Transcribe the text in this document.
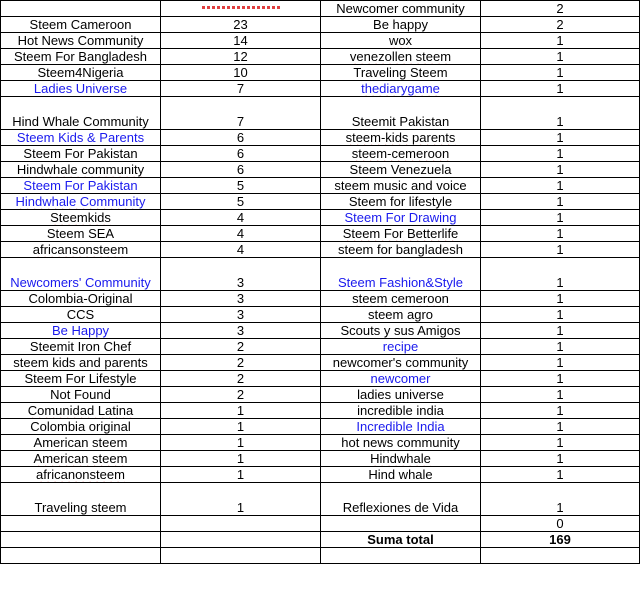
		Newcomer community	2
Steem Cameroon	23	Be happy	2
Hot News Community	14	wox	1
Steem For Bangladesh	12	venezollen steem	1
Steem4Nigeria	10	Traveling Steem	1
Ladies Universe	7	thediarygame	1
Hind Whale Community	7	Steemit Pakistan	1
Steem Kids & Parents	6	steem-kids parents	1
Steem For Pakistan	6	steem-cemeroon	1
Hindwhale community	6	Steem Venezuela	1
Steem For Pakistan	5	steem music and voice	1
Hindwhale Community	5	Steem for lifestyle	1
Steemkids	4	Steem For Drawing	1
Steem SEA	4	Steem For Betterlife	1
africansonsteem	4	steem for bangladesh	1
Newcomers' Community	3	Steem Fashion&Style	1
Colombia-Original	3	steem cemeroon	1
CCS	3	steem agro	1
Be Happy	3	Scouts y sus Amigos	1
Steemit Iron Chef	2	recipe	1
steem kids and parents	2	newcomer's community	1
Steem For Lifestyle	2	newcomer	1
Not Found	2	ladies universe	1
Comunidad Latina	1	incredible india	1
Colombia original	1	Incredible India	1
American steem	1	hot news community	1
American steem	1	Hindwhale	1
africanonsteem	1	Hind whale	1
Traveling steem	1	Reflexiones de Vida	1
			0
		Suma total	169
